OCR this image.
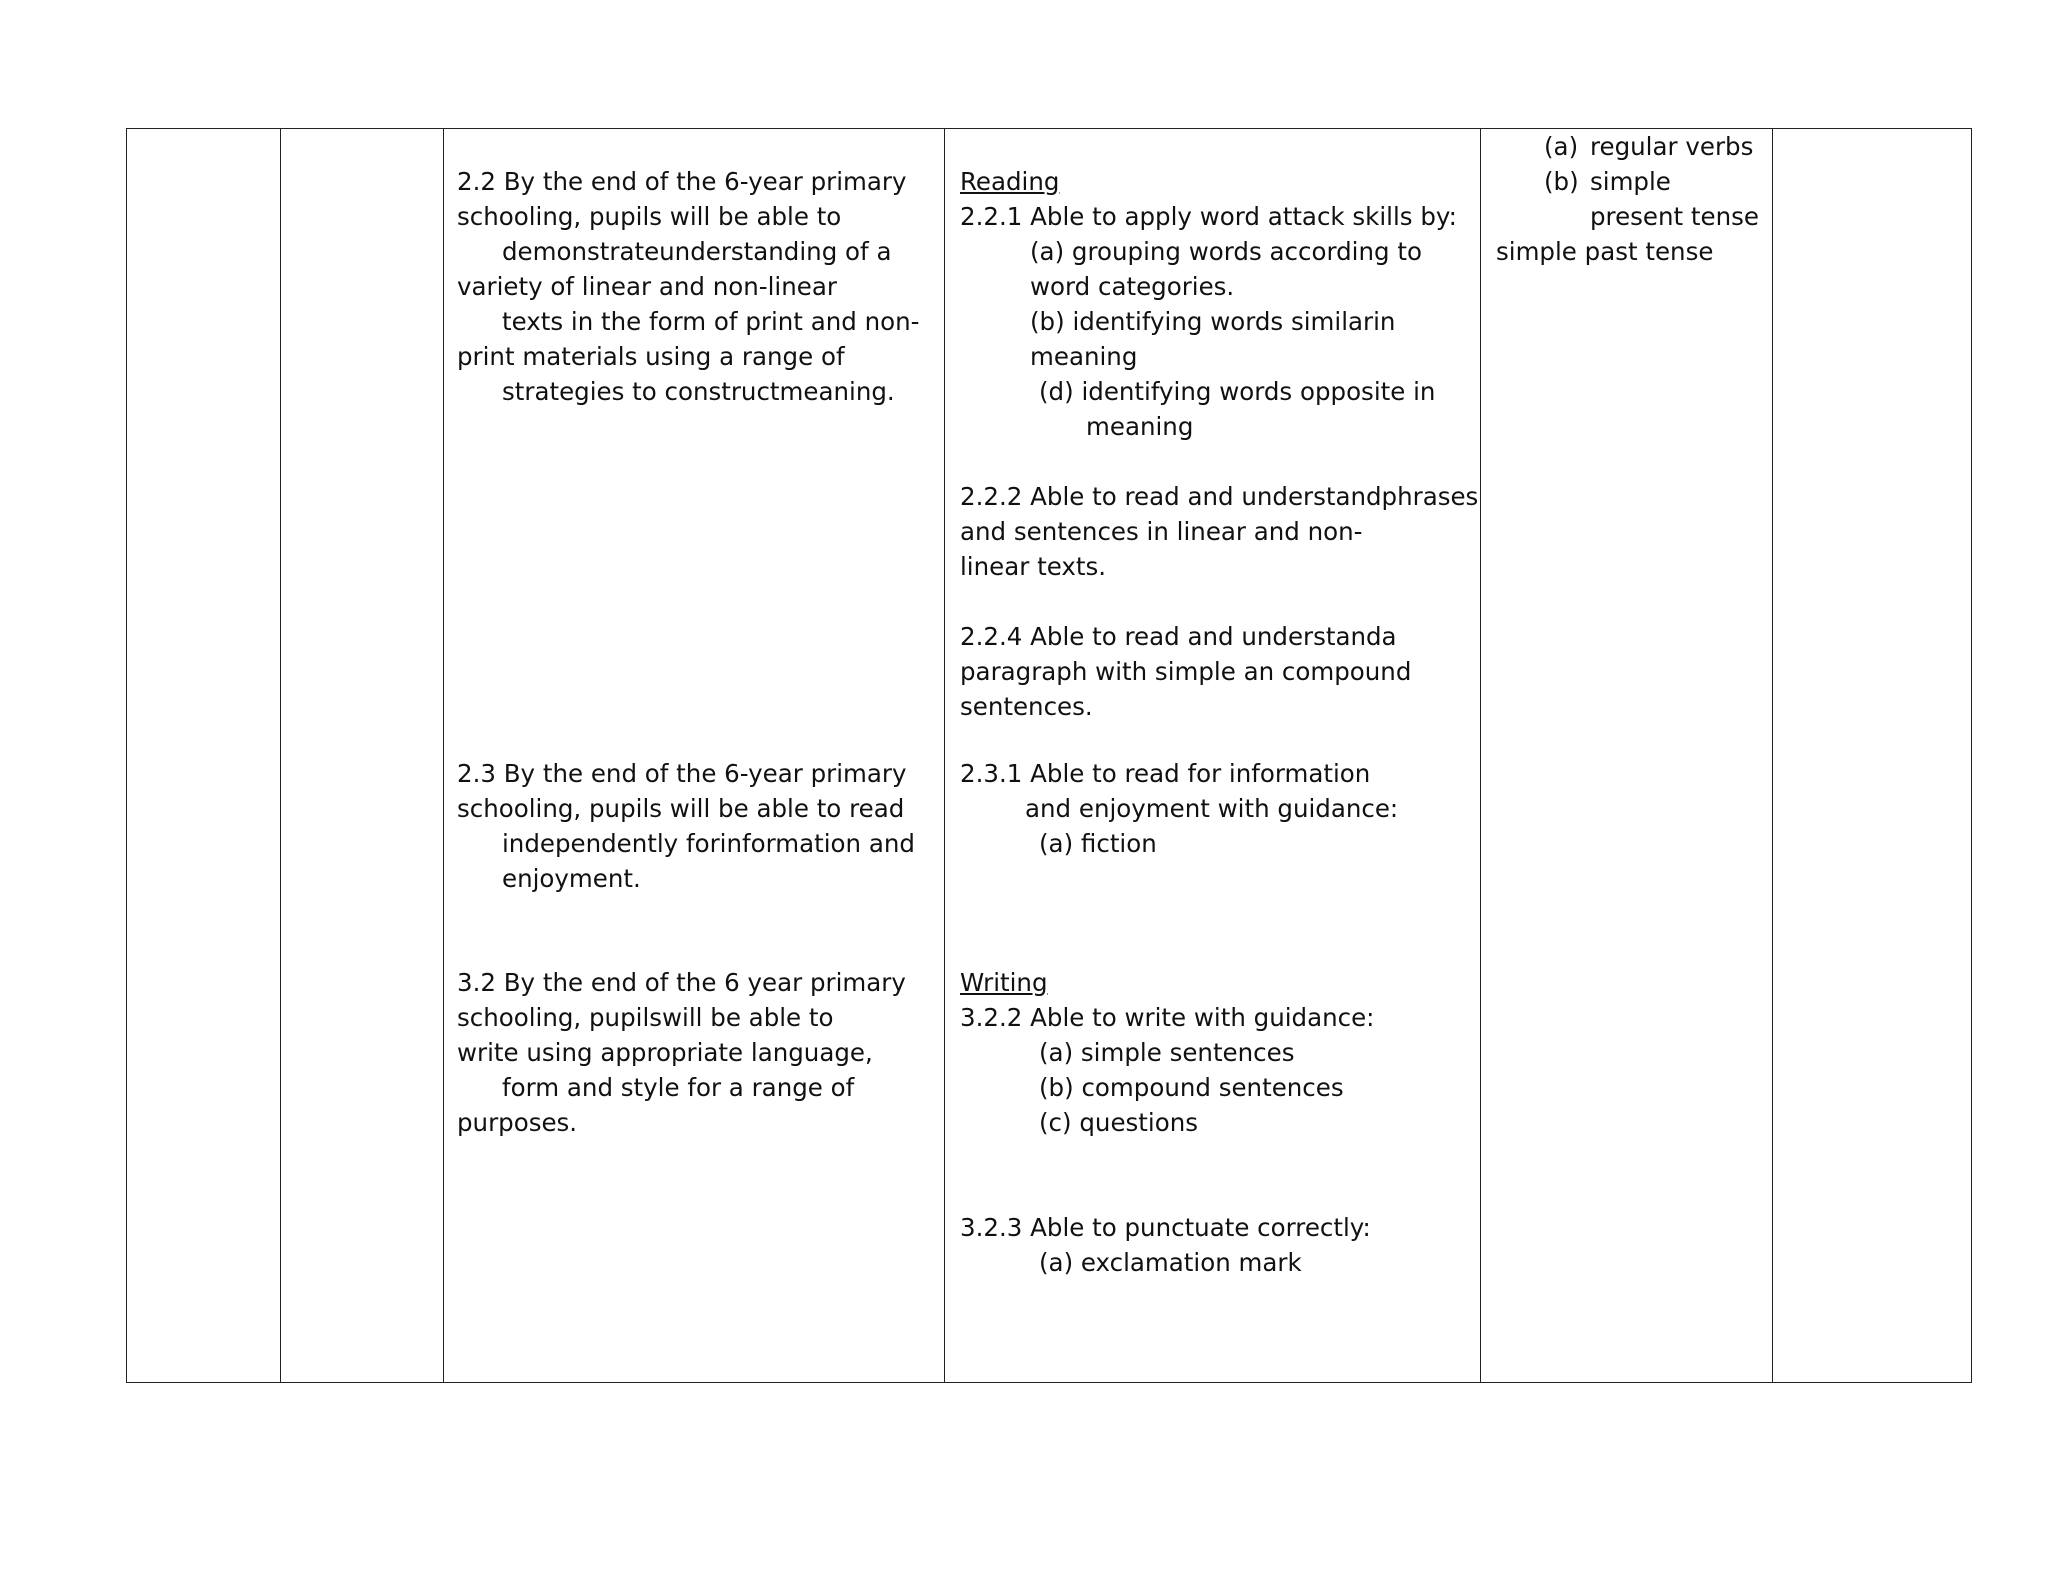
2.2 By the end of the 6-year primary
schooling, pupils will be able to
demonstrateunderstanding of a
variety of linear and non-linear
texts in the form of print and non-
print materials using a range of
strategies to constructmeaning.
2.3 By the end of the 6-year primary
schooling, pupils will be able to read
independently forinformation and
enjoyment.
3.2 By the end of the 6 year primary
schooling, pupilswill be able to
write using appropriate language,
form and style for a range of
purposes.
Reading
2.2.1 Able to apply word attack skills by:
(a) grouping words according to
word categories.
(b) identifying words similarin
meaning
(d) identifying words opposite in
meaning
2.2.2 Able to read and understandphrases
and sentences in linear and non-
linear texts.
2.2.4 Able to read and understanda
paragraph with simple an compound
sentences.
2.3.1 Able to read for information
and enjoyment with guidance:
(a) fiction
Writing
3.2.2 Able to write with guidance:
(a) simple sentences
(b) compound sentences
(c) questions
3.2.3 Able to punctuate correctly:
(a) exclamation mark
(a) regular verbs
(b) simple
present tense
simple past tense
